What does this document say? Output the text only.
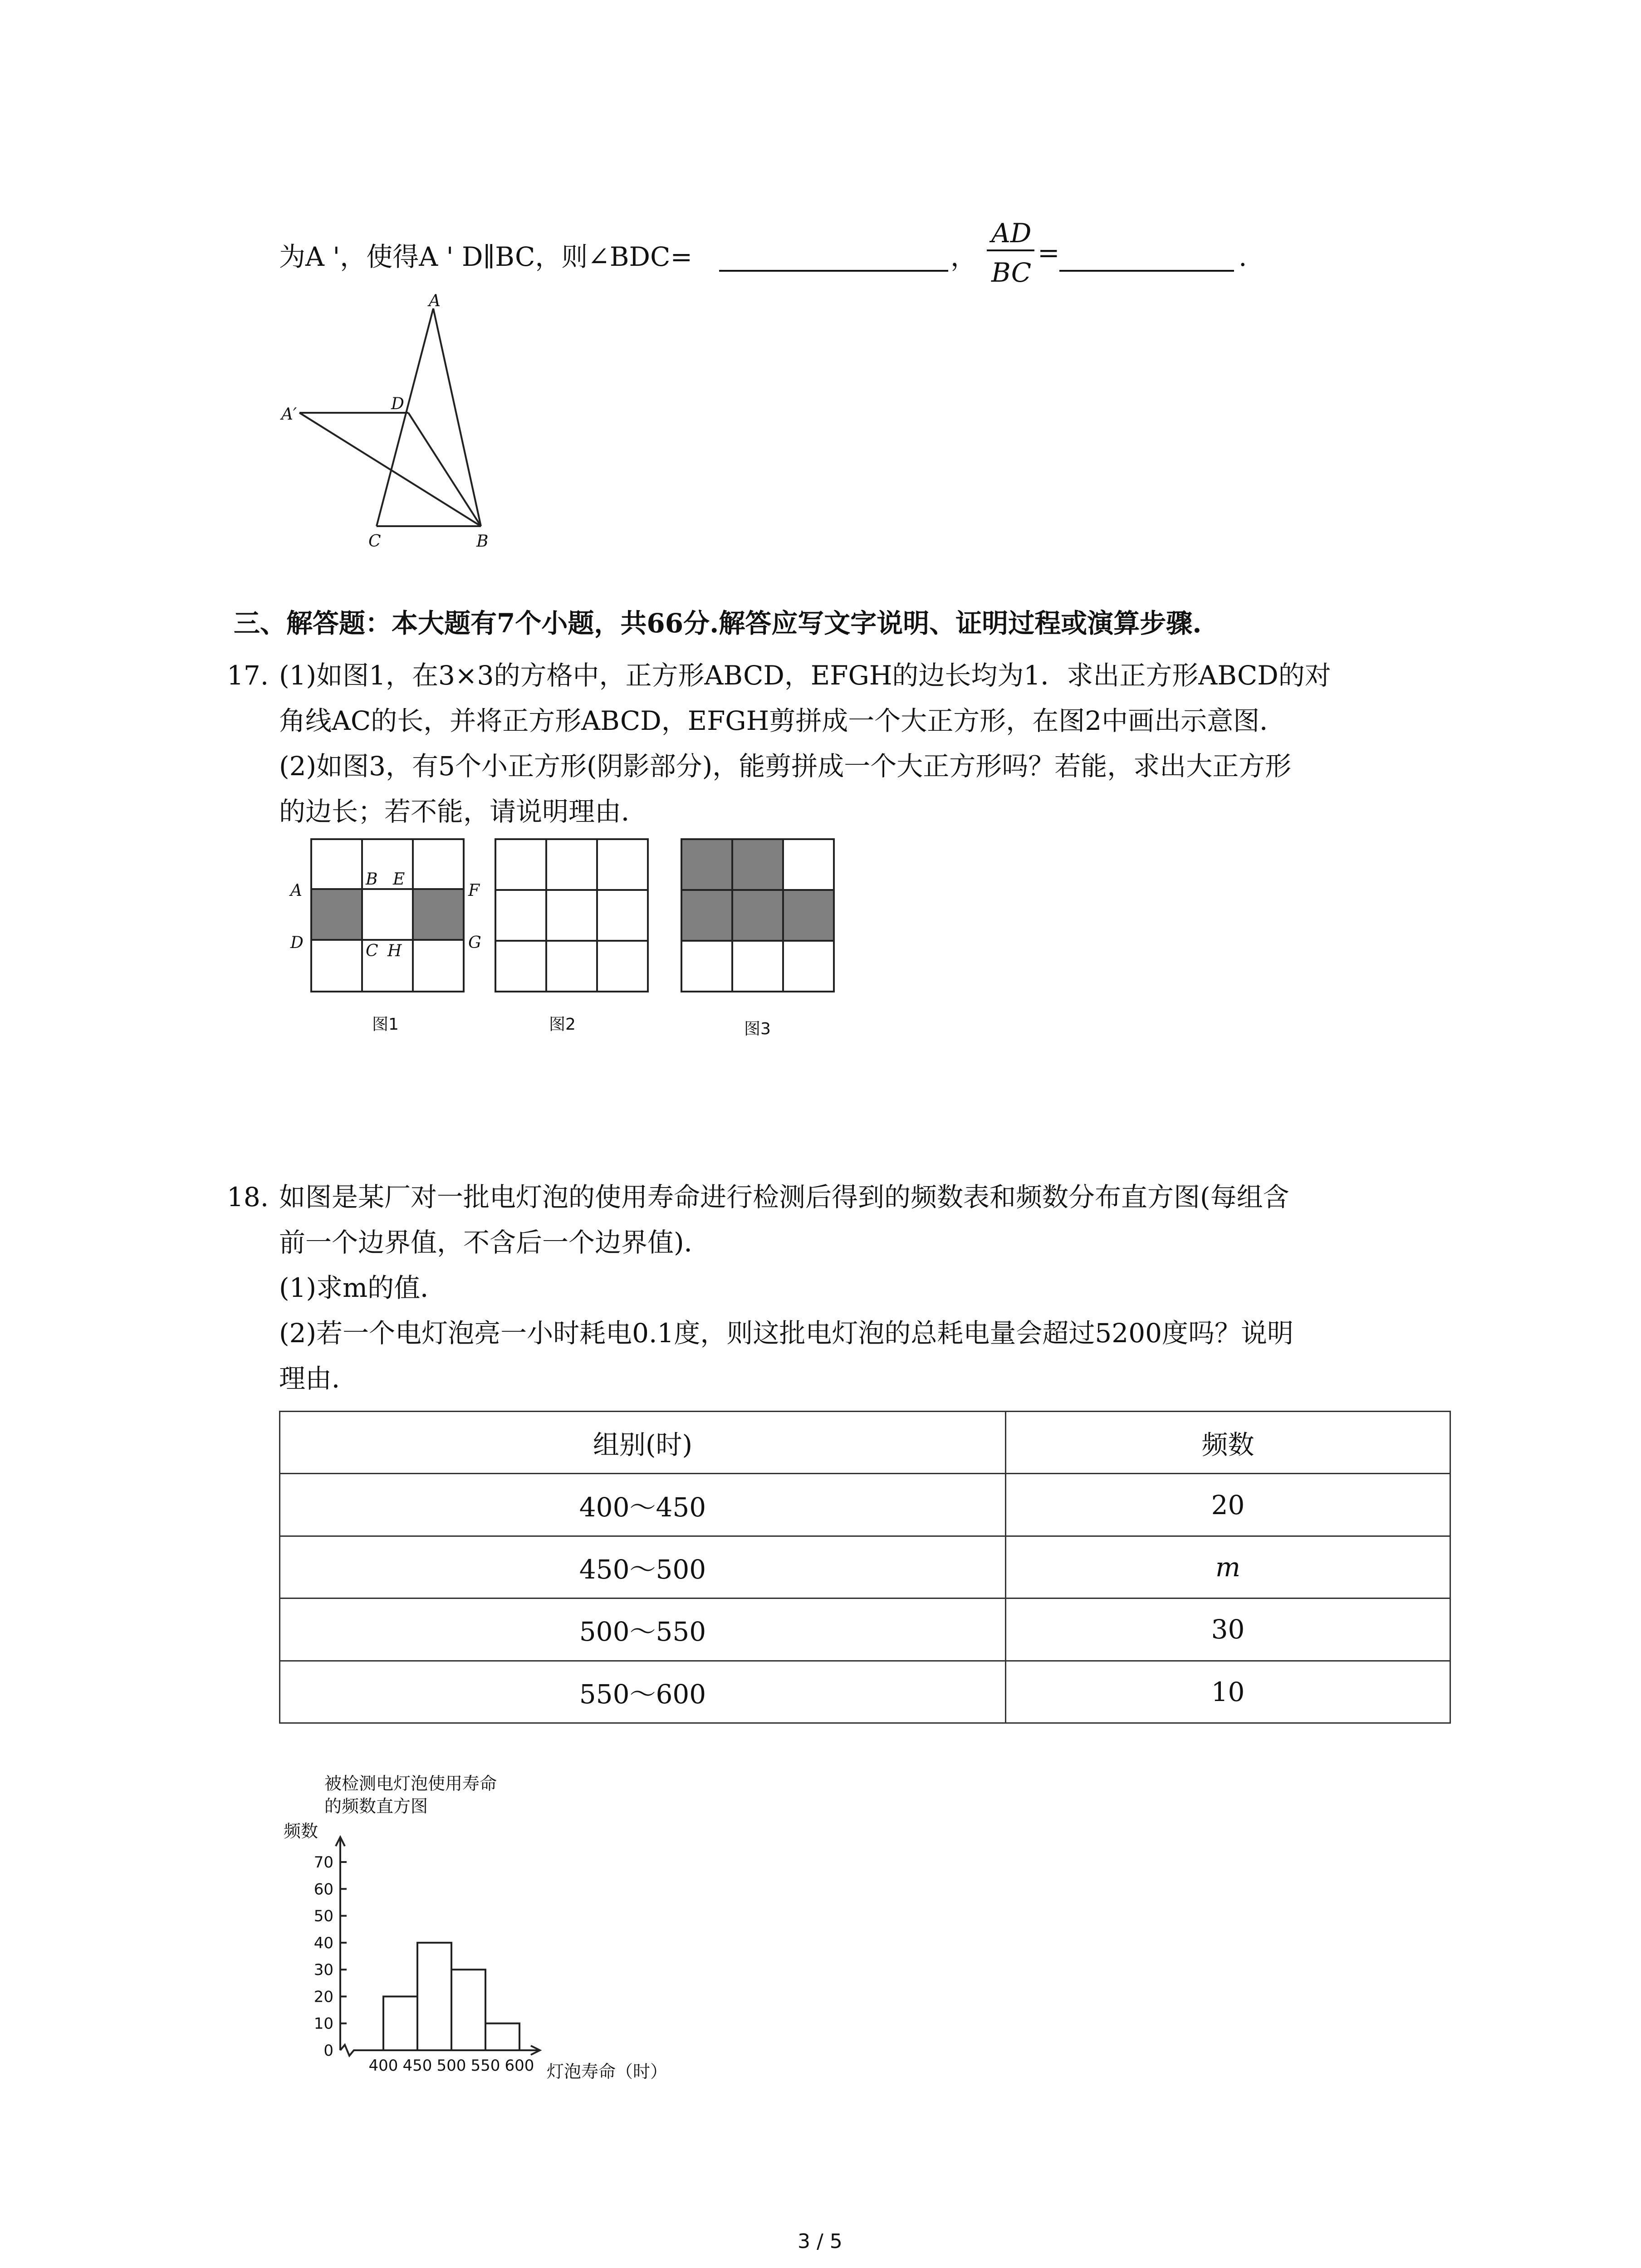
为A '，使得A ' D∥BC，则∠BDC=	，
AD
BC
=	.
A
A′
D
C	B
三、解答题：本大题有7个小题，共66分.解答应写文字说明、证明过程或演算步骤.
17. (1)如图1，在3×3的方格中，正方形ABCD，EFGH的边长均为1．求出正方形ABCD的对
角线AC的长，并将正方形ABCD，EFGH剪拼成一个大正方形，在图2中画出示意图．
(2)如图3，有5个小正方形(阴影部分)，能剪拼成一个大正方形吗？若能，求出大正方形
的边长；若不能，请说明理由．
A
D
B E
C H
F
G
图1	图2	图3
18. 如图是某厂对一批电灯泡的使用寿命进行检测后得到的频数表和频数分布直方图(每组含
前一个边界值，不含后一个边界值)．
(1)求m的值．
(2)若一个电灯泡亮一小时耗电0.1度，则这批电灯泡的总耗电量会超过5200度吗？说明
理由．
组别(时)	频数
400～450	20
450～500	m
500～550	30
550～600	10
被检测电灯泡使用寿命
的频数直方图
频数
灯泡寿命（时）
0
10
20
30
40
50
60
70
400 450 500 550 600
3 / 5
